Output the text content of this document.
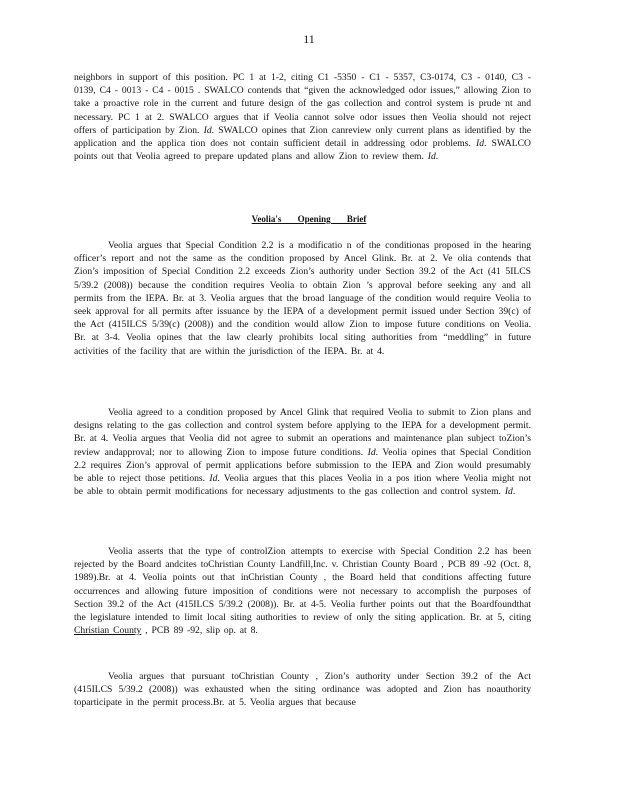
11

neighbors in support of this position. PC 1 at 1-2, citing C1 -5350 - C1 - 5357, C3-0174, C3 - 0140, C3 - 0139, C4 - 0013 - C4 - 0015 . SWALCO contends that “given the acknowledged odor issues,” allowing Zion to take a proactive role in the current and future design of the gas collection and control system is prude nt and necessary. PC 1 at 2. SWALCO argues that if Veolia cannot solve odor issues then Veolia should not reject offers of participation by Zion. Id. SWALCO opines that Zion canreview only current plans as identified by the application and the applica tion does not contain sufficient detail in addressing odor problems. Id. SWALCO points out that Veolia agreed to prepare updated plans and allow Zion to review them. Id.

Veolia's Opening Brief

Veolia argues that Special Condition 2.2 is a modificatio n of the conditionas proposed in the hearing officer’s report and not the same as the condition proposed by Ancel Glink. Br. at 2. Ve olia contends that Zion’s imposition of Special Condition 2.2 exceeds Zion’s authority under Section 39.2 of the Act (41 5ILCS 5/39.2 (2008)) because the condition requires Veolia to obtain Zion ’s approval before seeking any and all permits from the IEPA. Br. at 3. Veolia argues that the broad language of the condition would require Veolia to seek approval for all permits after issuance by the IEPA of a development permit issued under Section 39(c) of the Act (415ILCS 5/39(c) (2008)) and the condition would allow Zion to impose future conditions on Veolia. Br. at 3-4. Veolia opines that the law clearly prohibits local siting authorities from “meddling” in future activities of the facility that are within the jurisdiction of the IEPA. Br. at 4.

Veolia agreed to a condition proposed by Ancel Glink that required Veolia to submit to Zion plans and designs relating to the gas collection and control system before applying to the IEPA for a development permit. Br. at 4. Veolia argues that Veolia did not agree to submit an operations and maintenance plan subject toZion’s review andapproval; nor to allowing Zion to impose future conditions. Id. Veolia opines that Special Condition 2.2 requires Zion’s approval of permit applications before submission to the IEPA and Zion would presumably be able to reject those petitions. Id. Veolia argues that this places Veolia in a pos ition where Veolia might not be able to obtain permit modifications for necessary adjustments to the gas collection and control system. Id.

Veolia asserts that the type of controlZion attempts to exercise with Special Condition 2.2 has been rejected by the Board andcites toChristian County Landfill,Inc. v. Christian County Board , PCB 89 -92 (Oct. 8, 1989).Br. at 4. Veolia points out that inChristian County , the Board held that conditions affecting future occurrences and allowing future imposition of conditions were not necessary to accomplish the purposes of Section 39.2 of the Act (415ILCS 5/39.2 (2008)). Br. at 4-5. Veolia further points out that the Boardfoundthat the legislature intended to limit local siting authorities to review of only the siting application. Br. at 5, citing Christian County , PCB 89 -92, slip op. at 8.

Veolia argues that pursuant toChristian County , Zion’s authority under Section 39.2 of the Act (415ILCS 5/39.2 (2008)) was exhausted when the siting ordinance was adopted and Zion has noauthority toparticipate in the permit process.Br. at 5. Veolia argues that because
